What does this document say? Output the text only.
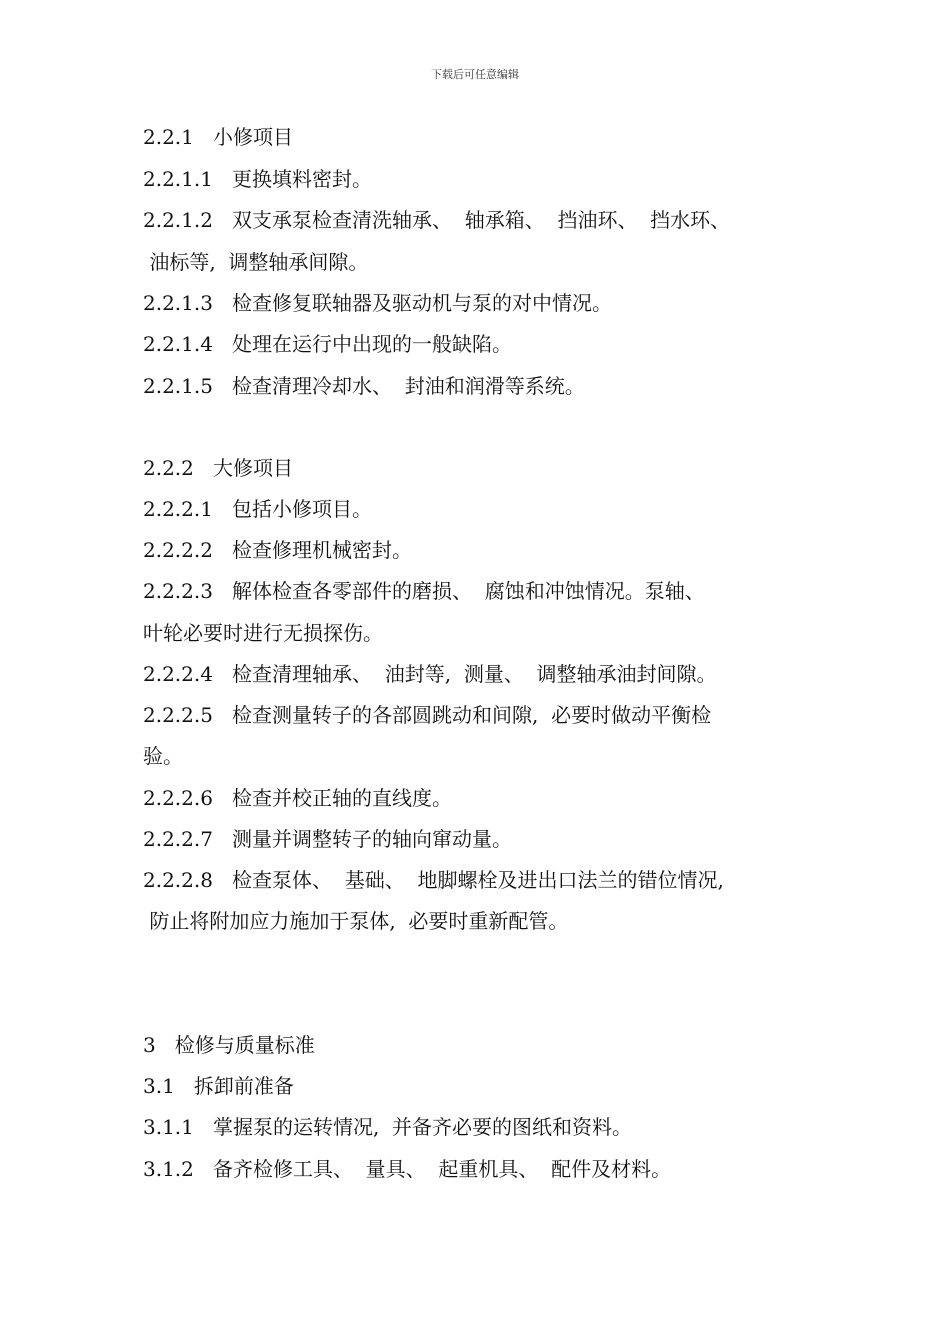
下载后可任意编辑
2.2.1   小修项目
2.2.1.1   更换填料密封。
2.2.1.2   双支承泵检查清洗轴承、  轴承箱、  挡油环、  挡水环、
油标等,  调整轴承间隙。
2.2.1.3   检查修复联轴器及驱动机与泵的对中情况。
2.2.1.4   处理在运行中出现的一般缺陷。
2.2.1.5   检查清理冷却水、  封油和润滑等系统。
2.2.2   大修项目
2.2.2.1   包括小修项目。
2.2.2.2   检查修理机械密封。
2.2.2.3   解体检查各零部件的磨损、  腐蚀和冲蚀情况。泵轴、
叶轮必要时进行无损探伤。
2.2.2.4   检查清理轴承、  油封等,  测量、  调整轴承油封间隙。
2.2.2.5   检查测量转子的各部圆跳动和间隙,  必要时做动平衡检
验。
2.2.2.6   检查并校正轴的直线度。
2.2.2.7   测量并调整转子的轴向窜动量。
2.2.2.8   检查泵体、  基础、  地脚螺栓及进出口法兰的错位情况,
防止将附加应力施加于泵体,  必要时重新配管。
3   检修与质量标准
3.1   拆卸前准备
3.1.1   掌握泵的运转情况,  并备齐必要的图纸和资料。
3.1.2   备齐检修工具、  量具、  起重机具、  配件及材料。
